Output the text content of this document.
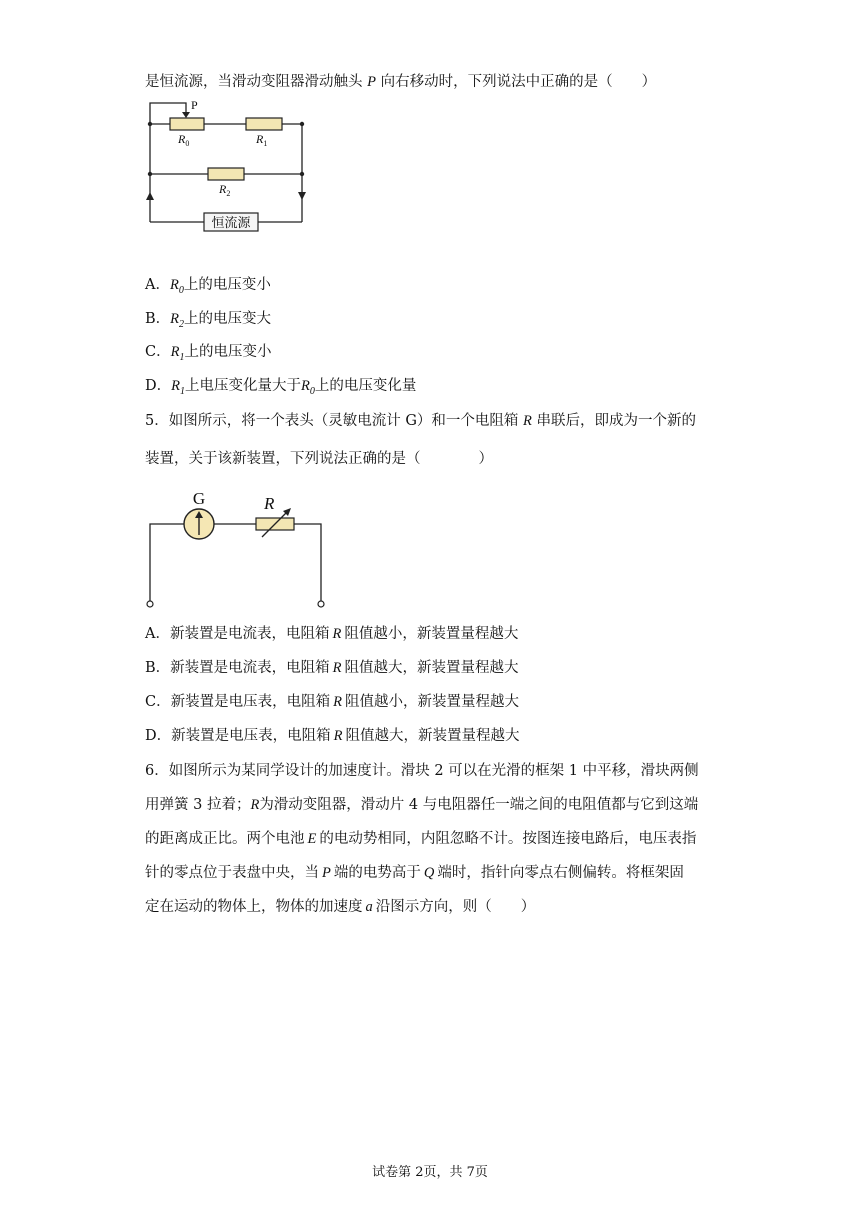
是恒流源，当滑动变阻器滑动触头 P 向右移动时，下列说法中正确的是（　　）
恒流源
P
$R_0$	$R_1$
$R_2$
A．$R_0$上的电压变小
B．$R_2$上的电压变大
C．$R_1$上的电压变小
D．$R_1$上电压变化量大于$R_0$上的电压变化量
5．如图所示，将一个表头（灵敏电流计 G）和一个电阻箱 R 串联后，即成为一个新的
装置，关于该新装置，下列说法正确的是（　　　　）
G	R
A．新装置是电流表，电阻箱 R 阻值越小，新装置量程越大
B．新装置是电流表，电阻箱 R 阻值越大，新装置量程越大
C．新装置是电压表，电阻箱 R 阻值越小，新装置量程越大
D．新装置是电压表，电阻箱 R 阻值越大，新装置量程越大
6．如图所示为某同学设计的加速度计。滑块 2 可以在光滑的框架 1 中平移，滑块两侧
用弹簧 3 拉着；R为滑动变阻器，滑动片 4 与电阻器任一端之间的电阻值都与它到这端
的距离成正比。两个电池 E 的电动势相同，内阻忽略不计。按图连接电路后，电压表指
针的零点位于表盘中央，当 P 端的电势高于 Q 端时，指针向零点右侧偏转。将框架固
定在运动的物体上，物体的加速度 a 沿图示方向，则（　　）
试卷第 2页，共 7页
